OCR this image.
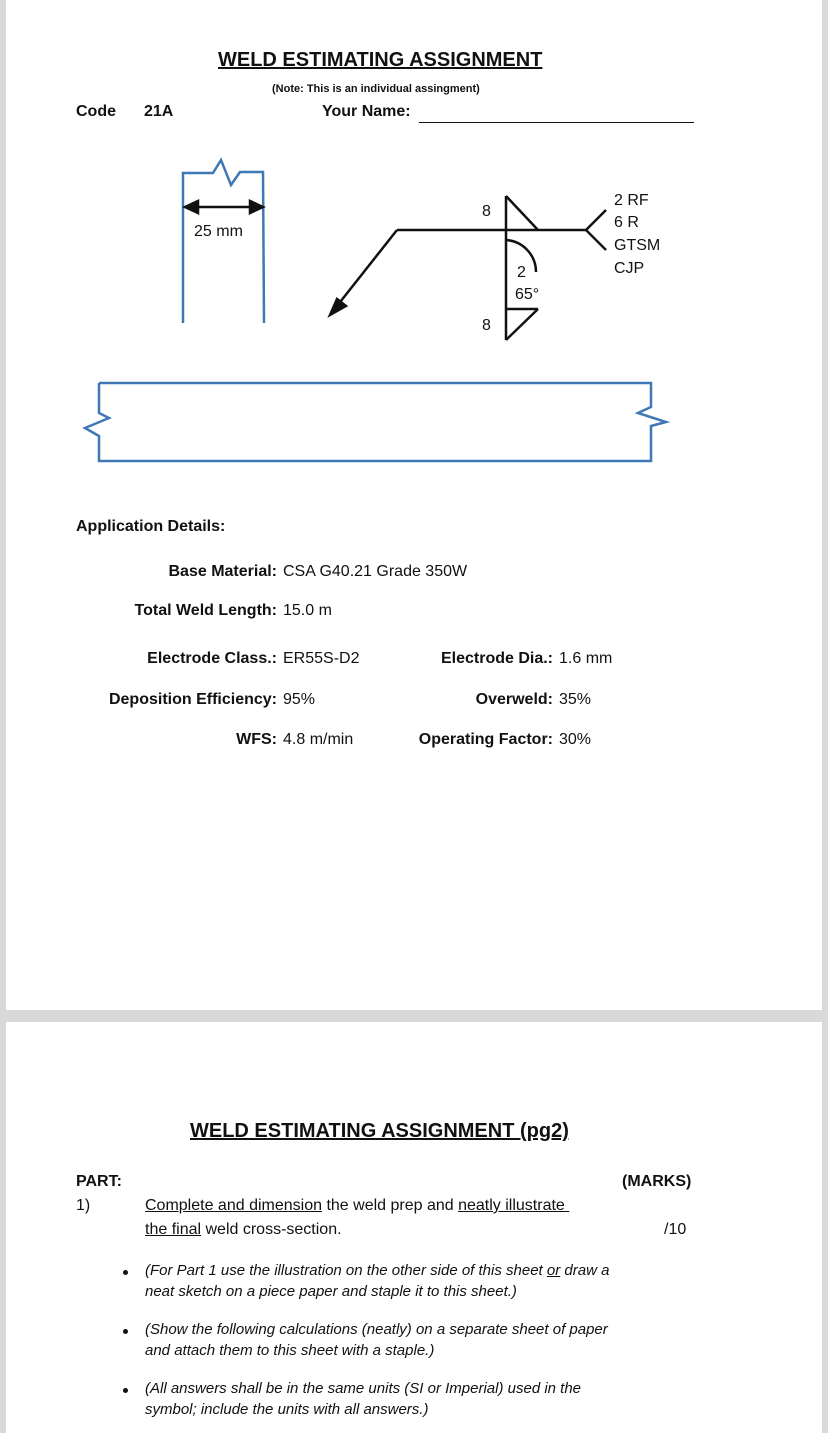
WELD ESTIMATING ASSIGNMENT
(Note: This is an individual assingment)
Code 21A	Your Name:
25 mm
8
8
2
65°
2 RF
6 R
GTSM
CJP
Application Details:
Base Material: CSA G40.21 Grade 350W
Total Weld Length: 15.0 m
Electrode Class.: ER55S-D2	Electrode Dia.: 1.6 mm
Deposition Efficiency: 95%	Overweld: 35%
WFS: 4.8 m/min	Operating Factor: 30%
WELD ESTIMATING ASSIGNMENT (pg2)
PART:	(MARKS)
1)	Complete and dimension the weld prep and neatly illustrate
the final weld cross-section.	/10
(For Part 1 use the illustration on the other side of this sheet or draw a neat sketch on a piece paper and staple it to this sheet.)
(Show the following calculations (neatly) on a separate sheet of paper and attach them to this sheet with a staple.)
(All answers shall be in the same units (SI or Imperial) used in the symbol; include the units with all answers.)
